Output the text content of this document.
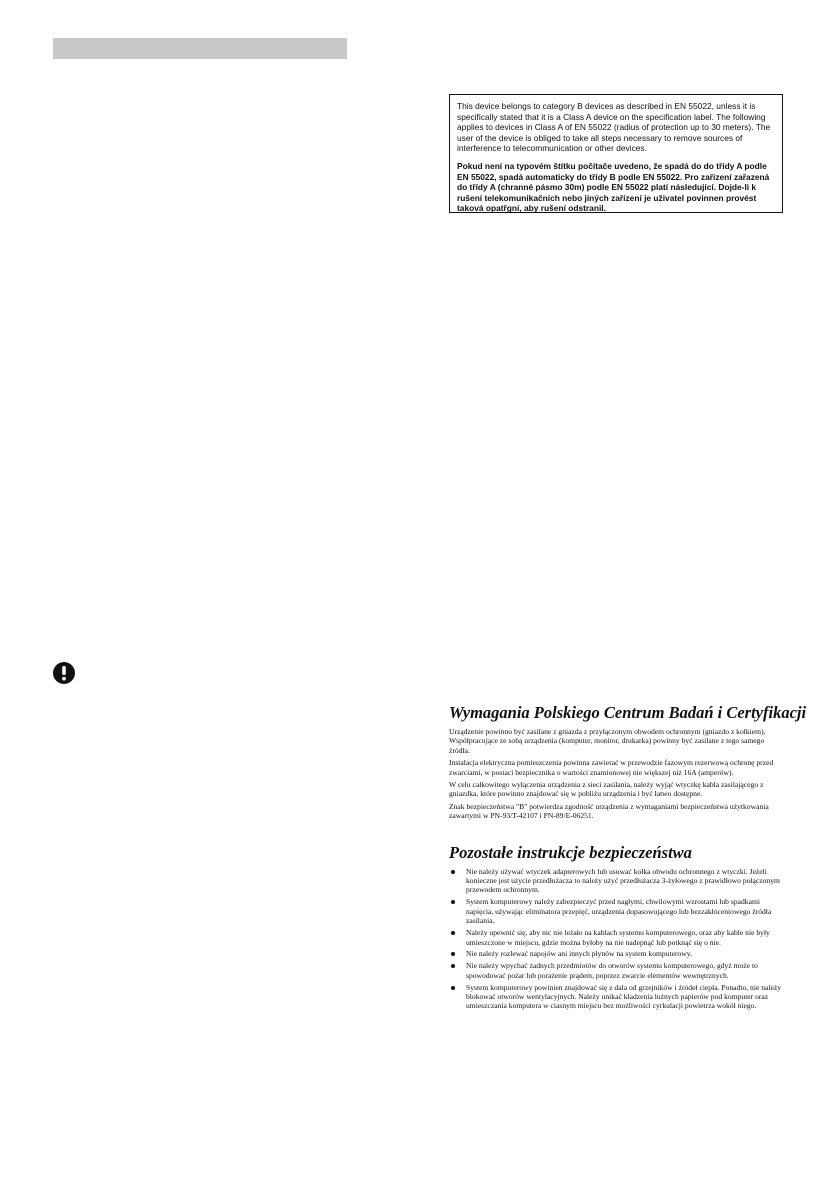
This device belongs to category B devices as described in EN 55022, unless it is specifically stated that it is a Class A device on the specification label. The following applies to devices in Class A of EN 55022 (radius of protection up to 30 meters). The user of the device is obliged to take all steps necessary to remove sources of interference to telecommunication or other devices.

Pokud není na typovém štítku počítače uvedeno, že spadá do do třídy A podle EN 55022, spadá automaticky do třídy B podle EN 55022. Pro zařízení zařazená do třídy A (chranné pásmo 30m) podle EN 55022 platí následující. Dojde-li k rušení telekomunikačních nebo jiných zařízení je uživatel povinnen provést taková opatřgní, aby rušení odstranil.

Wymagania Polskiego Centrum Badań i Certyfikacji

Urządzenie powinno być zasilane z gniazda z przyłączonym obwodem ochronnym (gniazdo z kołkiem). Współpracujące ze sobą urządzenia (komputer, monitor, drukarka) powinny być zasilane z tego samego źródła.

Instalacja elektryczna pomieszczenia powinna zawierać w przewodzie fazowym rezerwową ochronę przed zwarciami, w postaci bezpiecznika o wartości znamionowej nie większej niż 16A (amperów).

W celu całkowitego wyłączenia urządzenia z sieci zasilania, należy wyjąć wtyczkę kabla zasilającego z gniazdka, które powinno znajdować się w pobliżu urządzenia i być łatwo dostępne.

Znak bezpieczeństwa "B" potwierdza zgodność urządzenia z wymaganiami bezpieczeństwa użytkowania zawartymi w PN-93/T-42107 i PN-89/E-06251.

Pozostałe instrukcje bezpieczeństwa
Nie należy używać wtyczek adapterowych lub usuwać kołka obwodu ochronnego z wtyczki. Jeżeli konieczne jest użycie przedłużacza to należy użyć przedłużacza 3-żyłowego z prawidłowo połączonym przewodem ochronnym.
System komputerowy należy zabezpieczyć przed nagłymi, chwilowymi wzrostami lub spadkami napięcia, używając eliminatora przepięć, urządzenia dopasowującego lub bezzakłóceniowego źródła zasilania.
Należy upewnić się, aby nic nie leżało na kablach systemu komputerowego, oraz aby kable nie były umieszczone w miejscu, gdzie można byłoby na nie nadepnąć lub potknąć się o nie.
Nie należy rozlewać napojów ani innych płynów na system komputerowy.
Nie należy wpychać żadnych przedmiotów do otworów systemu komputerowego, gdyż może to spowodować pożar lub porażenie prądem, poprzez zwarcie elementów wewnętrznych.
System komputerowy powinien znajdować się z dala od grzejników i źródeł ciepła. Ponadto, nie należy blokować otworów wentylacyjnych. Należy unikać kładzenia luźnych papierów pod komputer oraz umieszczania komputera w ciasnym miejscu bez możliwości cyrkulacji powietrza wokół niego.
